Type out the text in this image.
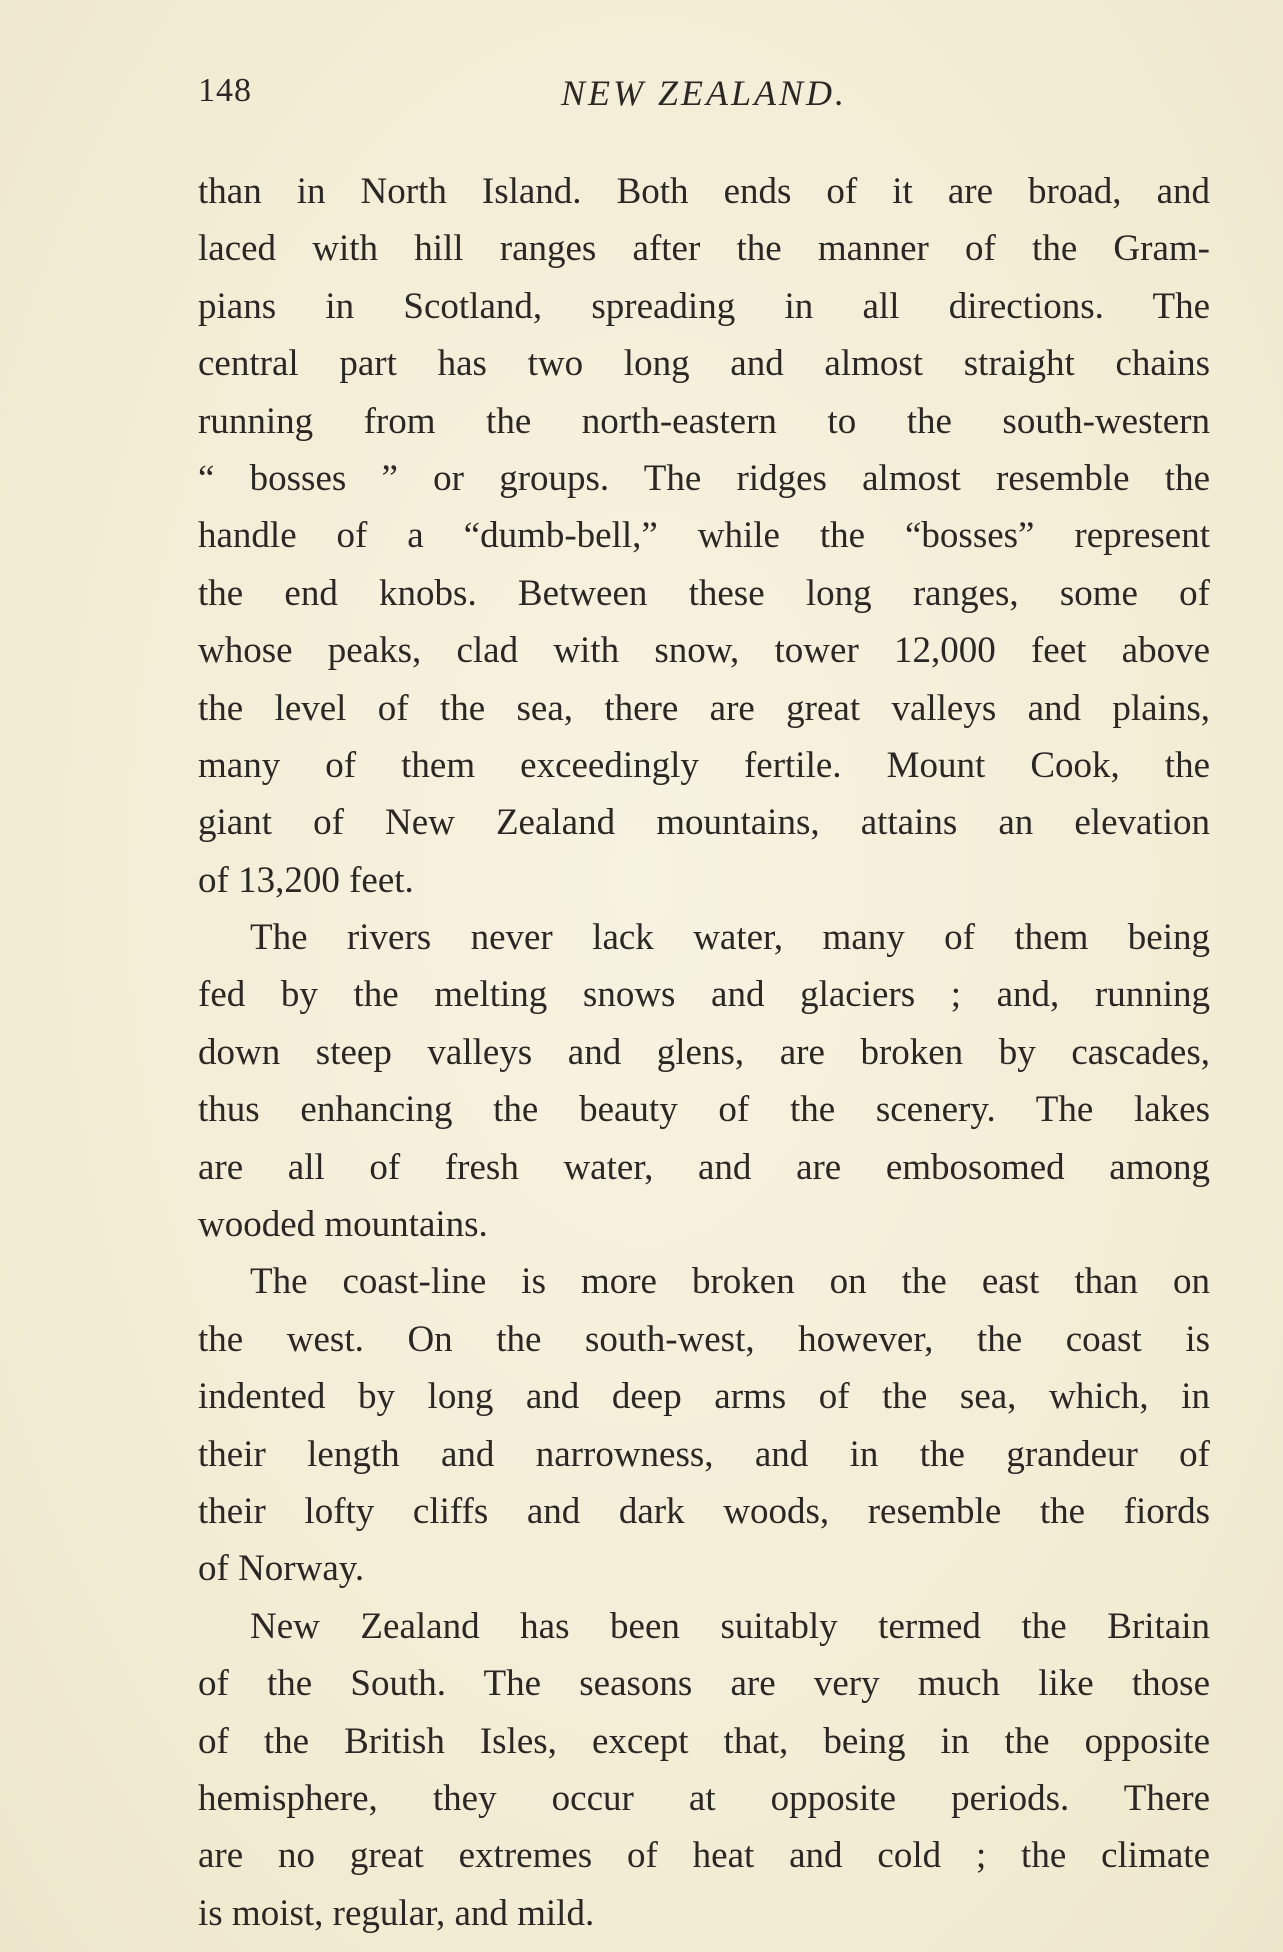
148	NEW ZEALAND.
than in North Island. Both ends of it are broad, and
laced with hill ranges after the manner of the Gram-
pians in Scotland, spreading in all directions. The
central part has two long and almost straight chains
running from the north-eastern to the south-western
“ bosses ” or groups. The ridges almost resemble the
handle of a “dumb-bell,” while the “bosses” represent
the end knobs. Between these long ranges, some of
whose peaks, clad with snow, tower 12,000 feet above
the level of the sea, there are great valleys and plains,
many of them exceedingly fertile. Mount Cook, the
giant of New Zealand mountains, attains an elevation
of 13,200 feet.
The rivers never lack water, many of them being
fed by the melting snows and glaciers ; and, running
down steep valleys and glens, are broken by cascades,
thus enhancing the beauty of the scenery. The lakes
are all of fresh water, and are embosomed among
wooded mountains.
The coast-line is more broken on the east than on
the west. On the south-west, however, the coast is
indented by long and deep arms of the sea, which, in
their length and narrowness, and in the grandeur of
their lofty cliffs and dark woods, resemble the fiords
of Norway.
New Zealand has been suitably termed the Britain
of the South. The seasons are very much like those
of the British Isles, except that, being in the opposite
hemisphere, they occur at opposite periods. There
are no great extremes of heat and cold ; the climate
is moist, regular, and mild.
